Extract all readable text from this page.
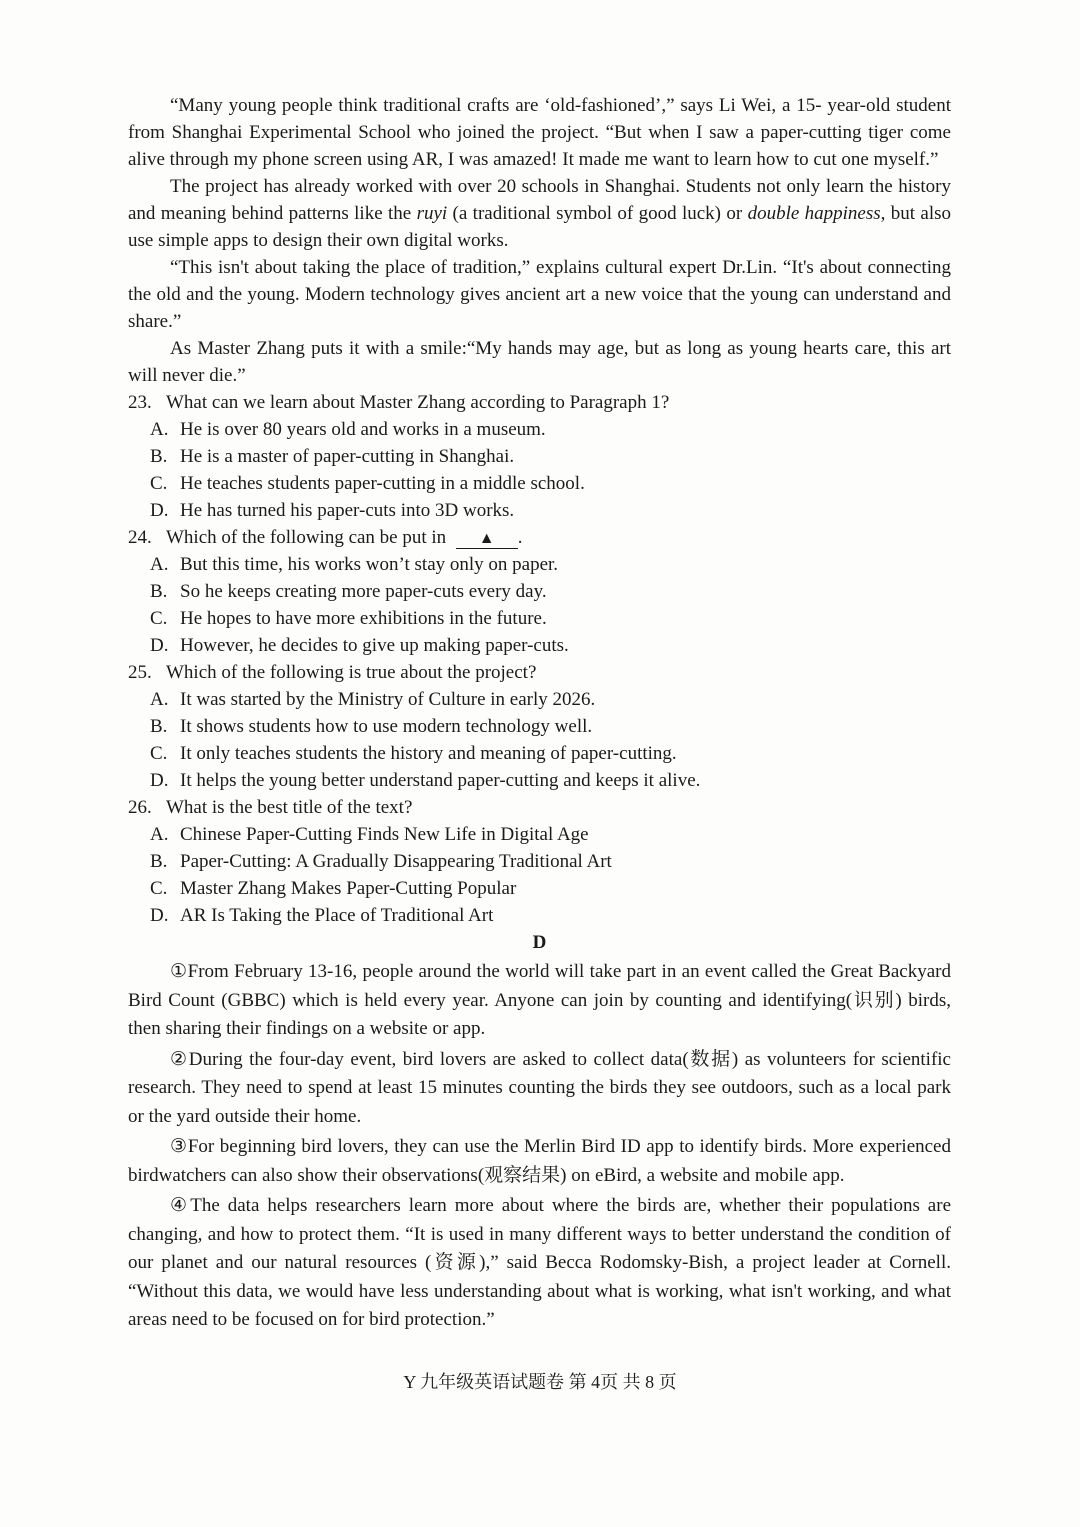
“Many young people think traditional crafts are ‘old-fashioned’,” says Li Wei, a 15- year-old student from Shanghai Experimental School who joined the project. “But when I saw a paper-cutting tiger come alive through my phone screen using AR, I was amazed! It made me want to learn how to cut one myself.”

The project has already worked with over 20 schools in Shanghai. Students not only learn the history and meaning behind patterns like the ruyi (a traditional symbol of good luck) or double happiness, but also use simple apps to design their own digital works.

“This isn't about taking the place of tradition,” explains cultural expert Dr.Lin. “It's about connecting the old and the young. Modern technology gives ancient art a new voice that the young can understand and share.”

As Master Zhang puts it with a smile:“My hands may age, but as long as young hearts care, this art will never die.”

23. What can we learn about Master Zhang according to Paragraph 1?

A. He is over 80 years old and works in a museum.

B. He is a master of paper-cutting in Shanghai.

C. He teaches students paper-cutting in a middle school.

D. He has turned his paper-cuts into 3D works.

24. Which of the following can be put in ▲ .

A. But this time, his works won’t stay only on paper.

B. So he keeps creating more paper-cuts every day.

C. He hopes to have more exhibitions in the future.

D. However, he decides to give up making paper-cuts.

25. Which of the following is true about the project?

A. It was started by the Ministry of Culture in early 2026.

B. It shows students how to use modern technology well.

C. It only teaches students the history and meaning of paper-cutting.

D. It helps the young better understand paper-cutting and keeps it alive.

26. What is the best title of the text?

A. Chinese Paper-Cutting Finds New Life in Digital Age

B. Paper-Cutting: A Gradually Disappearing Traditional Art

C. Master Zhang Makes Paper-Cutting Popular

D. AR Is Taking the Place of Traditional Art

D

①From February 13-16, people around the world will take part in an event called the Great Backyard Bird Count (GBBC) which is held every year. Anyone can join by counting and identifying(识别) birds, then sharing their findings on a website or app.

②During the four-day event, bird lovers are asked to collect data(数据) as volunteers for scientific research. They need to spend at least 15 minutes counting the birds they see outdoors, such as a local park or the yard outside their home.

③For beginning bird lovers, they can use the Merlin Bird ID app to identify birds. More experienced birdwatchers can also show their observations(观察结果) on eBird, a website and mobile app.

④The data helps researchers learn more about where the birds are, whether their populations are changing, and how to protect them. “It is used in many different ways to better understand the condition of our planet and our natural resources (资源),” said Becca Rodomsky-Bish, a project leader at Cornell. “Without this data, we would have less understanding about what is working, what isn't working, and what areas need to be focused on for bird protection.”

Y 九年级英语试题卷 第 4页 共 8 页
